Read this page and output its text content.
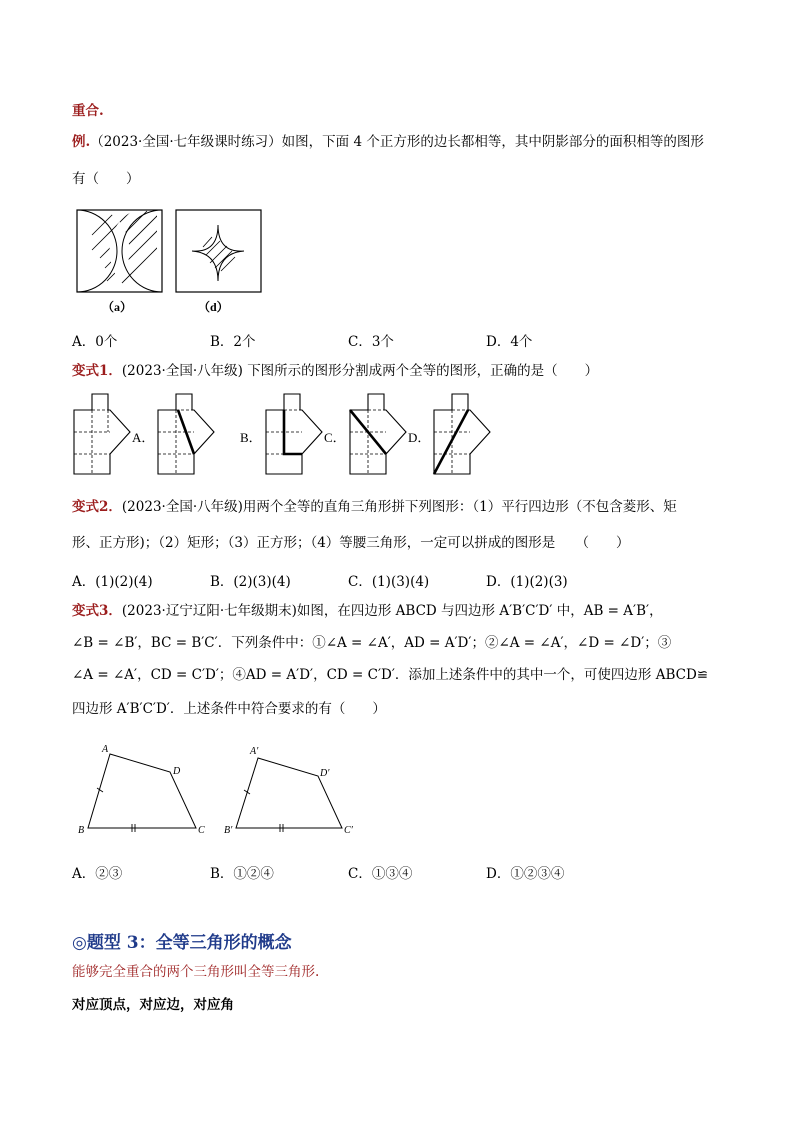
重合.
例.（2023·全国·七年级课时练习）如图，下面 4 个正方形的边长都相等，其中阴影部分的面积相等的图形
有（　　）
（a）	（d）
A．0个	B．2个	C．3个	D．4个
变式1．(2023·全国·八年级) 下图所示的图形分割成两个全等的图形，正确的是（　　）
A．	B．	C．	D．
变式2．(2023·全国·八年级)用两个全等的直角三角形拼下列图形：（1）平行四边形（不包含菱形、矩
形、正方形)；（2）矩形；（3）正方形；（4）等腰三角形，一定可以拼成的图形是　　（　　）
A．(1)(2)(4)	B．(2)(3)(4)	C．(1)(3)(4)	D．(1)(2)(3)
变式3．(2023·辽宁辽阳·七年级期末)如图，在四边形 ABCD 与四边形 A′B′C′D′ 中，AB = A′B′，
∠B = ∠B′，BC = B′C′．下列条件中：①∠A = ∠A′，AD = A′D′；②∠A = ∠A′，∠D = ∠D′；③
∠A = ∠A′，CD = C′D′；④AD = A′D′，CD = C′D′．添加上述条件中的其中一个，可使四边形 ABCD≌
四边形 A′B′C′D′．上述条件中符合要求的有（　　）
A
B	C
D
A′
B′	C′
D′
A．②③	B．①②④	C．①③④	D．①②③④
◎题型 3：全等三角形的概念
能够完全重合的两个三角形叫全等三角形.
对应顶点，对应边，对应角
